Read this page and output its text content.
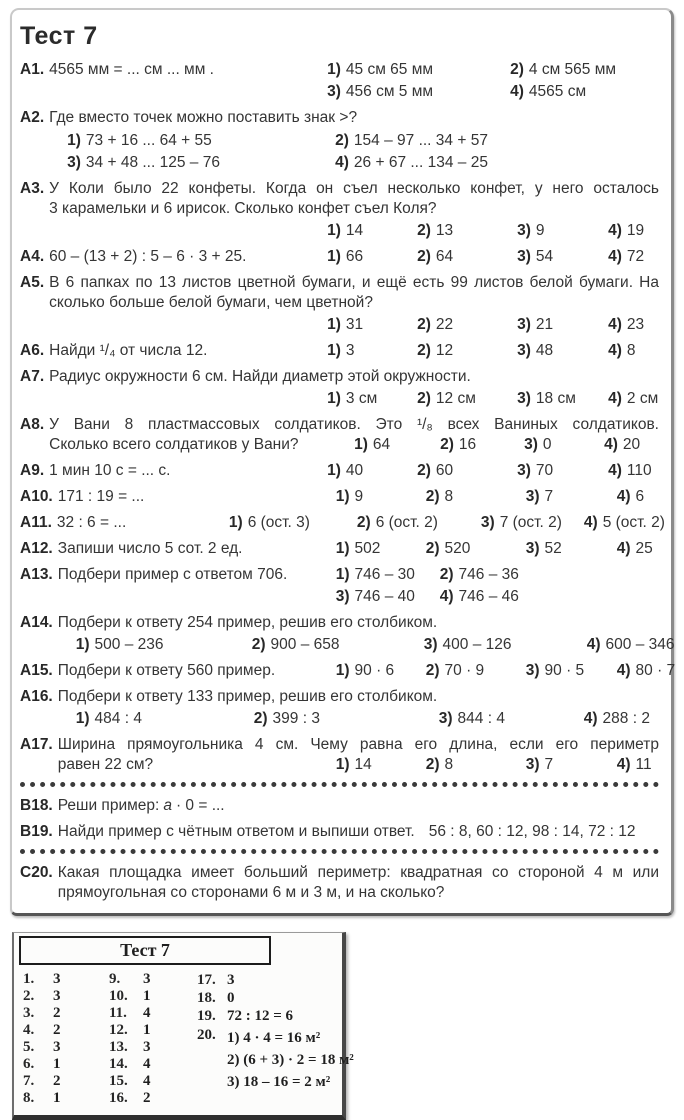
Тест 7
А1. 4565 мм = ... см ... мм .	1) 45 см 65 мм	2) 4 см 565 мм
3) 456 см 5 мм	4) 4565 см
А2. Где вместо точек можно поставить знак >?
1) 73 + 16 ... 64 + 55	2) 154 – 97 ... 34 + 57
3) 34 + 48 ... 125 – 76	4) 26 + 67 ... 134 – 25
А3. У Коли было 22 конфеты. Когда он съел несколько конфет, у него осталось
3 карамельки и 6 ирисок. Сколько конфет съел Коля?
1) 14	2) 13	3) 9	4) 19
А4. 60 – (13 + 2) : 5 – 6 · 3 + 25.	1) 66	2) 64	3) 54	4) 72
А5. В 6 папках по 13 листов цветной бумаги, и ещё есть 99 листов белой бумаги. На
сколько больше белой бумаги, чем цветной?
1) 31	2) 22	3) 21	4) 23
А6. Найди ¹/₄ от числа 12.	1) 3	2) 12	3) 48	4) 8
А7. Радиус окружности 6 см. Найди диаметр этой окружности.
1) 3 см	2) 12 см	3) 18 см	4) 2 см
А8. У Вани 8 пластмассовых солдатиков. Это ¹/₈ всех Ваниных солдатиков.
Сколько всего солдатиков у Вани?	1) 64	2) 16	3) 0	4) 20
А9. 1 мин 10 с = ... с.	1) 40	2) 60	3) 70	4) 110
А10. 171 : 19 = ...	1) 9	2) 8	3) 7	4) 6
А11. 32 : 6 = ...	1) 6 (ост. 3)	2) 6 (ост. 2)	3) 7 (ост. 2)	4) 5 (ост. 2)
А12. Запиши число 5 сот. 2 ед.	1) 502	2) 520	3) 52	4) 25
А13. Подбери пример с ответом 706.	1) 746 – 30	2) 746 – 36
3) 746 – 40	4) 746 – 46
А14. Подбери к ответу 254 пример, решив его столбиком.
1) 500 – 236	2) 900 – 658	3) 400 – 126	4) 600 – 346
А15. Подбери к ответу 560 пример.	1) 90 · 6	2) 70 · 9	3) 90 · 5	4) 80 · 7
А16. Подбери к ответу 133 пример, решив его столбиком.
1) 484 : 4	2) 399 : 3	3) 844 : 4	4) 288 : 2
А17. Ширина прямоугольника 4 см. Чему равна его длина, если его периметр
равен 22 см?	1) 14	2) 8	3) 7	4) 11
В18. Реши пример: а · 0 = ...
В19. Найди пример с чётным ответом и выпиши ответ. 56 : 8, 60 : 12, 98 : 14, 72 : 12
С20. Какая площадка имеет больший периметр: квадратная со стороной 4 м или
прямоугольная со сторонами 6 м и 3 м, и на сколько?
Тест 7
1.	3
2.	3
3.	2
4.	2
5.	3
6.	1
7.	2
8.	1
9.	3
10.	1
11.	4
12.	1
13.	3
14.	4
15.	4
16.	2
17. 3
18. 0
19. 72 : 12 = 6
20. 1) 4 · 4 = 16 м²
2) (6 + 3) · 2 = 18 м²
3) 18 – 16 = 2 м²
